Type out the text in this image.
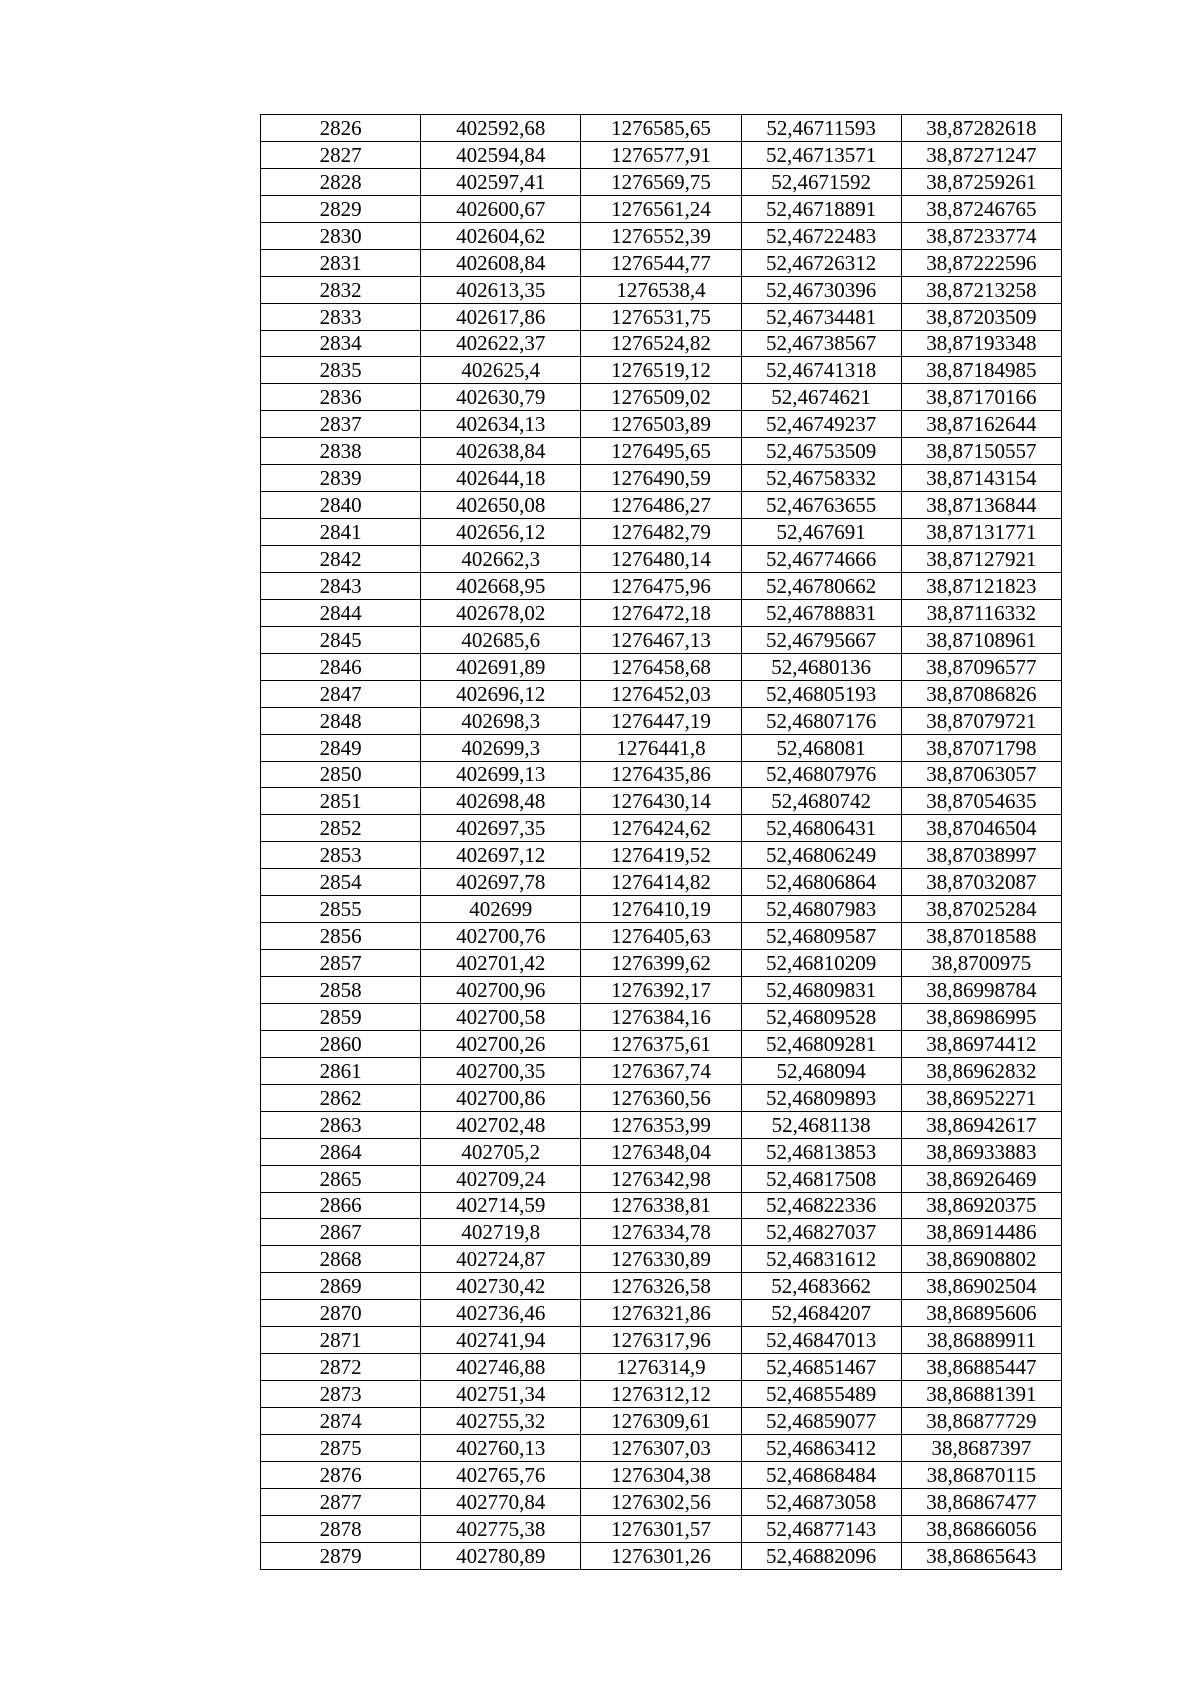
2826	402592,68	1276585,65	52,46711593	38,87282618
2827	402594,84	1276577,91	52,46713571	38,87271247
2828	402597,41	1276569,75	52,4671592	38,87259261
2829	402600,67	1276561,24	52,46718891	38,87246765
2830	402604,62	1276552,39	52,46722483	38,87233774
2831	402608,84	1276544,77	52,46726312	38,87222596
2832	402613,35	1276538,4	52,46730396	38,87213258
2833	402617,86	1276531,75	52,46734481	38,87203509
2834	402622,37	1276524,82	52,46738567	38,87193348
2835	402625,4	1276519,12	52,46741318	38,87184985
2836	402630,79	1276509,02	52,4674621	38,87170166
2837	402634,13	1276503,89	52,46749237	38,87162644
2838	402638,84	1276495,65	52,46753509	38,87150557
2839	402644,18	1276490,59	52,46758332	38,87143154
2840	402650,08	1276486,27	52,46763655	38,87136844
2841	402656,12	1276482,79	52,467691	38,87131771
2842	402662,3	1276480,14	52,46774666	38,87127921
2843	402668,95	1276475,96	52,46780662	38,87121823
2844	402678,02	1276472,18	52,46788831	38,87116332
2845	402685,6	1276467,13	52,46795667	38,87108961
2846	402691,89	1276458,68	52,4680136	38,87096577
2847	402696,12	1276452,03	52,46805193	38,87086826
2848	402698,3	1276447,19	52,46807176	38,87079721
2849	402699,3	1276441,8	52,468081	38,87071798
2850	402699,13	1276435,86	52,46807976	38,87063057
2851	402698,48	1276430,14	52,4680742	38,87054635
2852	402697,35	1276424,62	52,46806431	38,87046504
2853	402697,12	1276419,52	52,46806249	38,87038997
2854	402697,78	1276414,82	52,46806864	38,87032087
2855	402699	1276410,19	52,46807983	38,87025284
2856	402700,76	1276405,63	52,46809587	38,87018588
2857	402701,42	1276399,62	52,46810209	38,8700975
2858	402700,96	1276392,17	52,46809831	38,86998784
2859	402700,58	1276384,16	52,46809528	38,86986995
2860	402700,26	1276375,61	52,46809281	38,86974412
2861	402700,35	1276367,74	52,468094	38,86962832
2862	402700,86	1276360,56	52,46809893	38,86952271
2863	402702,48	1276353,99	52,4681138	38,86942617
2864	402705,2	1276348,04	52,46813853	38,86933883
2865	402709,24	1276342,98	52,46817508	38,86926469
2866	402714,59	1276338,81	52,46822336	38,86920375
2867	402719,8	1276334,78	52,46827037	38,86914486
2868	402724,87	1276330,89	52,46831612	38,86908802
2869	402730,42	1276326,58	52,4683662	38,86902504
2870	402736,46	1276321,86	52,4684207	38,86895606
2871	402741,94	1276317,96	52,46847013	38,86889911
2872	402746,88	1276314,9	52,46851467	38,86885447
2873	402751,34	1276312,12	52,46855489	38,86881391
2874	402755,32	1276309,61	52,46859077	38,86877729
2875	402760,13	1276307,03	52,46863412	38,8687397
2876	402765,76	1276304,38	52,46868484	38,86870115
2877	402770,84	1276302,56	52,46873058	38,86867477
2878	402775,38	1276301,57	52,46877143	38,86866056
2879	402780,89	1276301,26	52,46882096	38,86865643
